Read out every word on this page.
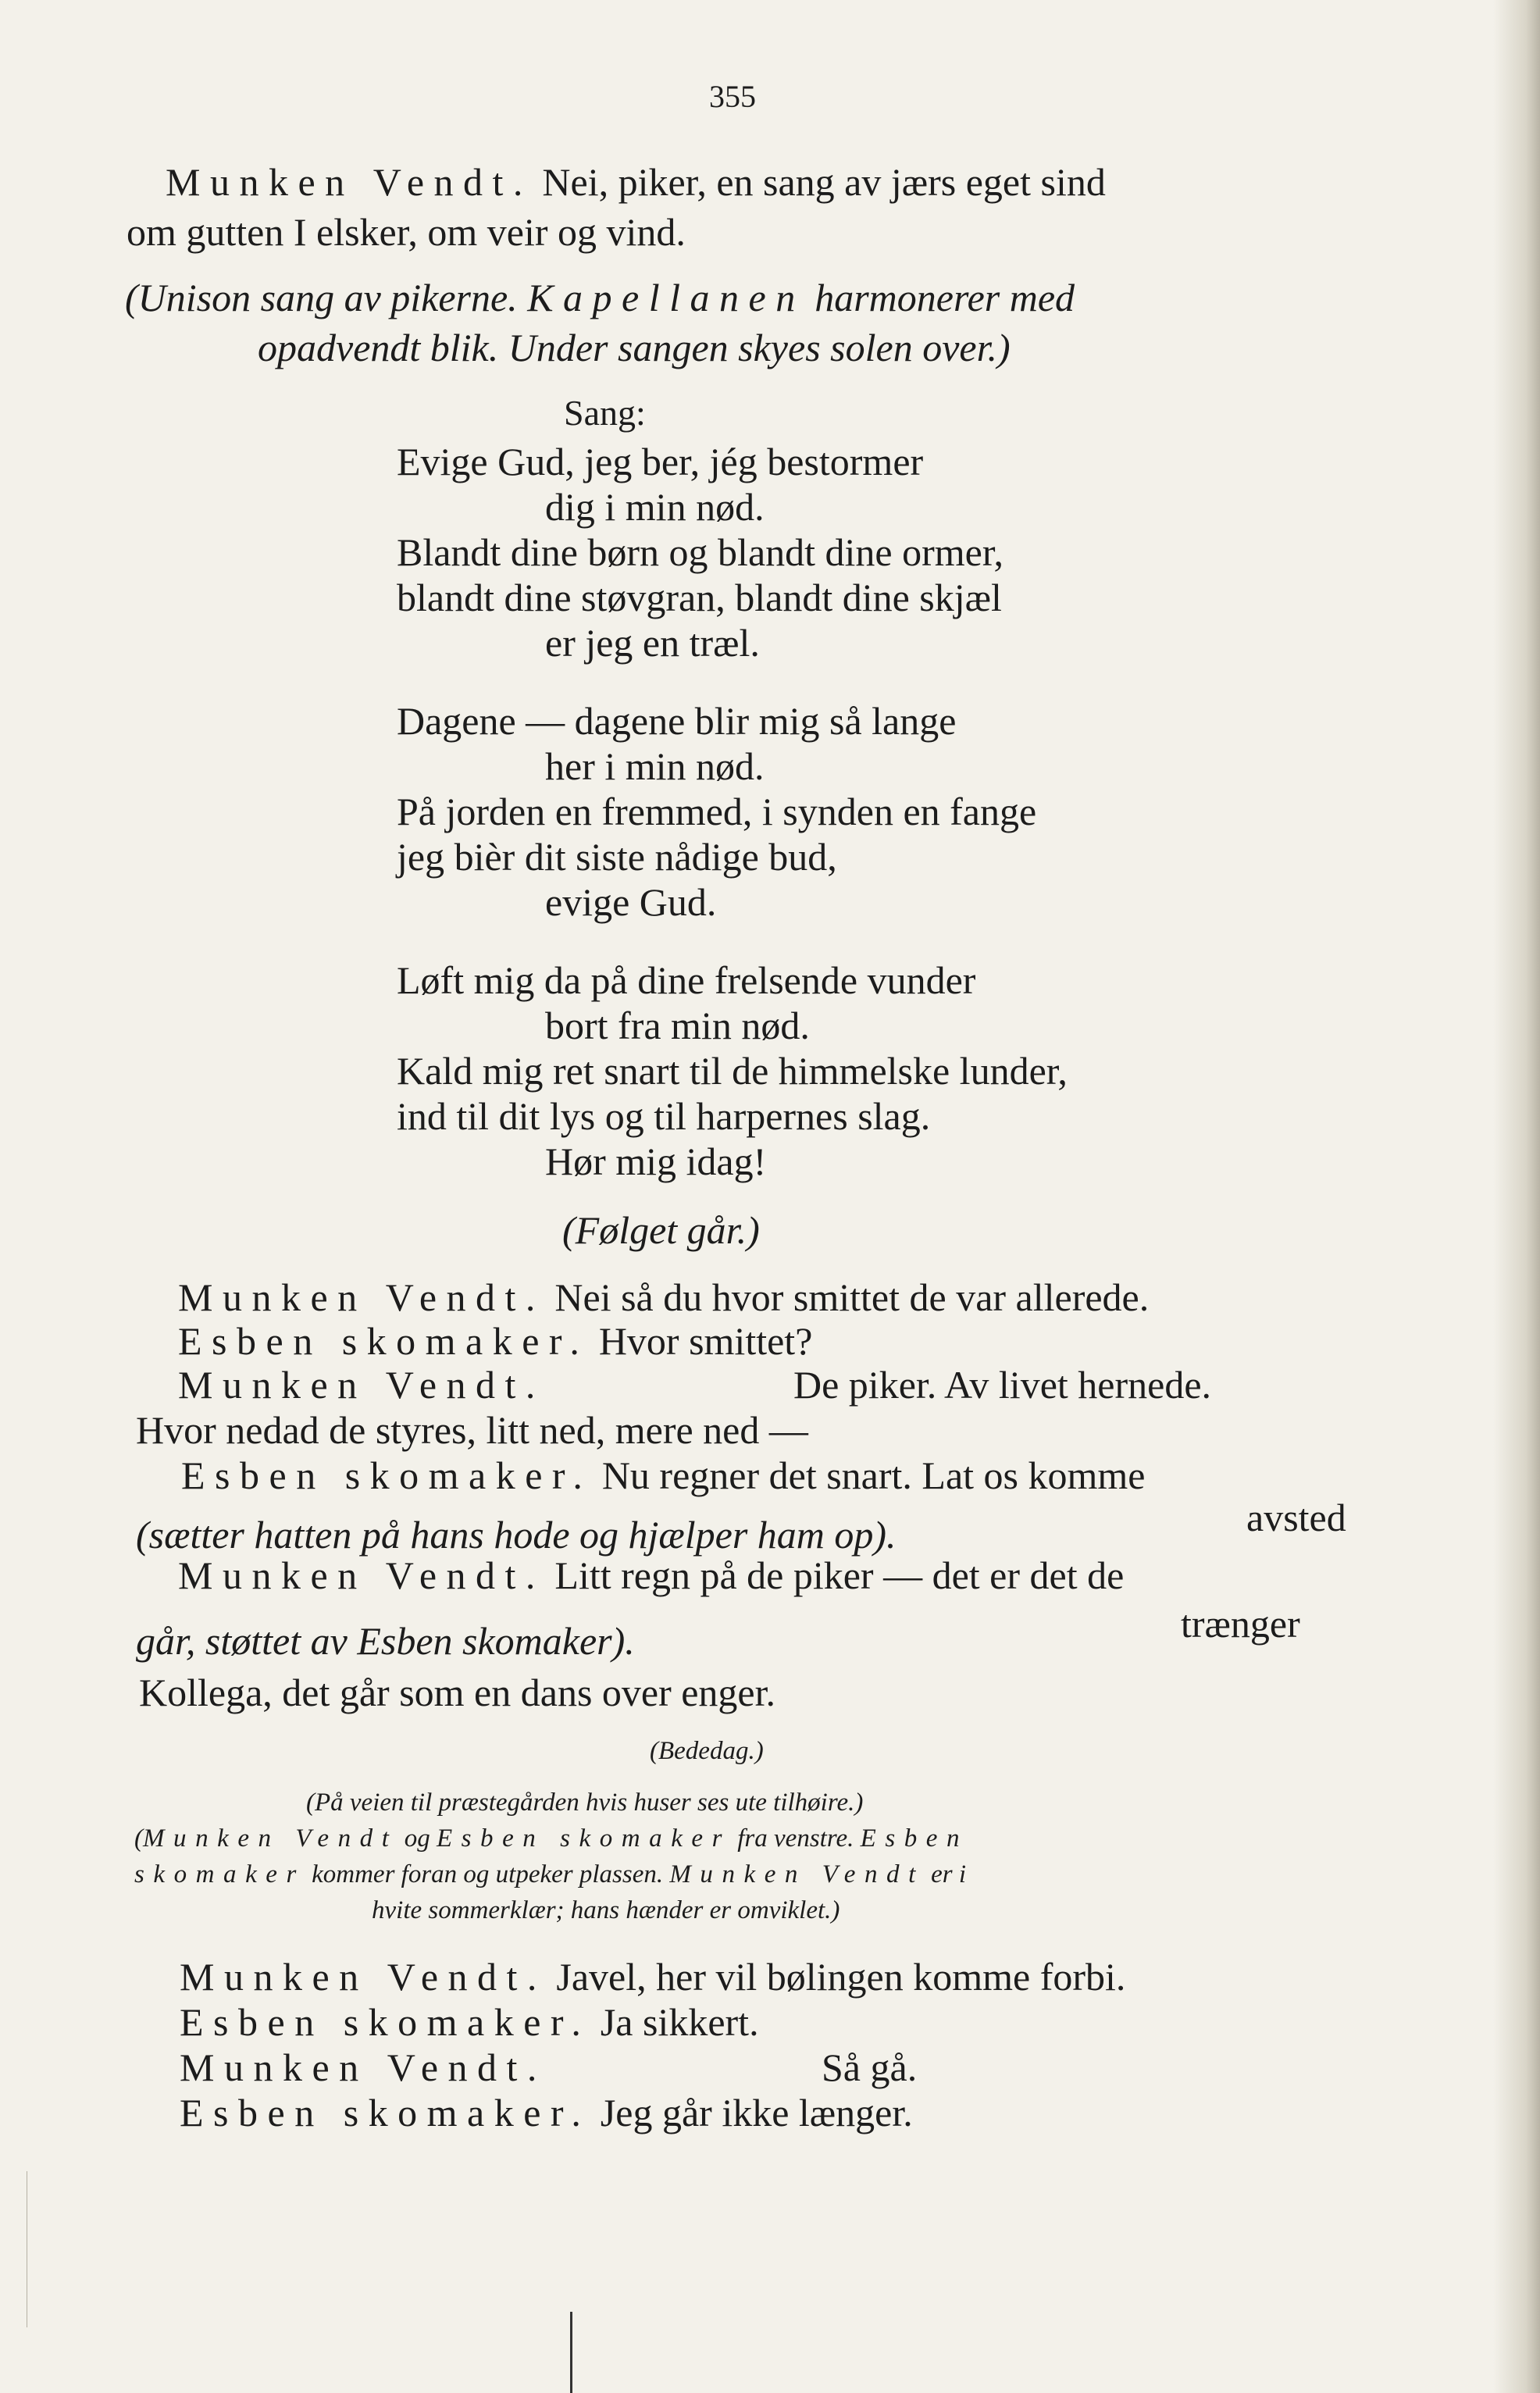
355
Munken Vendt. Nei, piker, en sang av jærs eget sind
om gutten I elsker, om veir og vind.
(Unison sang av pikerne. Kapellanen harmonerer med
opadvendt blik. Under sangen skyes solen over.)
Sang:
Evige Gud, jeg ber, jég bestormer
dig i min nød.
Blandt dine børn og blandt dine ormer,
blandt dine støvgran, blandt dine skjæl
er jeg en træl.
Dagene — dagene blir mig så lange
her i min nød.
På jorden en fremmed, i synden en fange
jeg bièr dit siste nådige bud,
evige Gud.
Løft mig da på dine frelsende vunder
bort fra min nød.
Kald mig ret snart til de himmelske lunder,
ind til dit lys og til harpernes slag.
Hør mig idag!
(Følget går.)
Munken Vendt. Nei så du hvor smittet de var allerede.
Esben skomaker. Hvor smittet?
Munken Vendt.	De piker. Av livet hernede.
Hvor nedad de styres, litt ned, mere ned —
Esben skomaker. Nu regner det snart. Lat os komme
avsted
(sætter hatten på hans hode og hjælper ham op).
Munken Vendt. Litt regn på de piker — det er det de
trænger
går, støttet av Esben skomaker).
Kollega, det går som en dans over enger.
(Bededag.)
(På veien til præstegården hvis huser ses ute tilhøire.)
(Munken Vendt og Esben skomaker fra venstre. Esben
skomaker kommer foran og utpeker plassen. Munken Vendt er i
hvite sommerklær; hans hænder er omviklet.)
Munken Vendt. Javel, her vil bølingen komme forbi.
Esben skomaker. Ja sikkert.
Munken Vendt.	Så gå.
Esben skomaker. Jeg går ikke længer.
